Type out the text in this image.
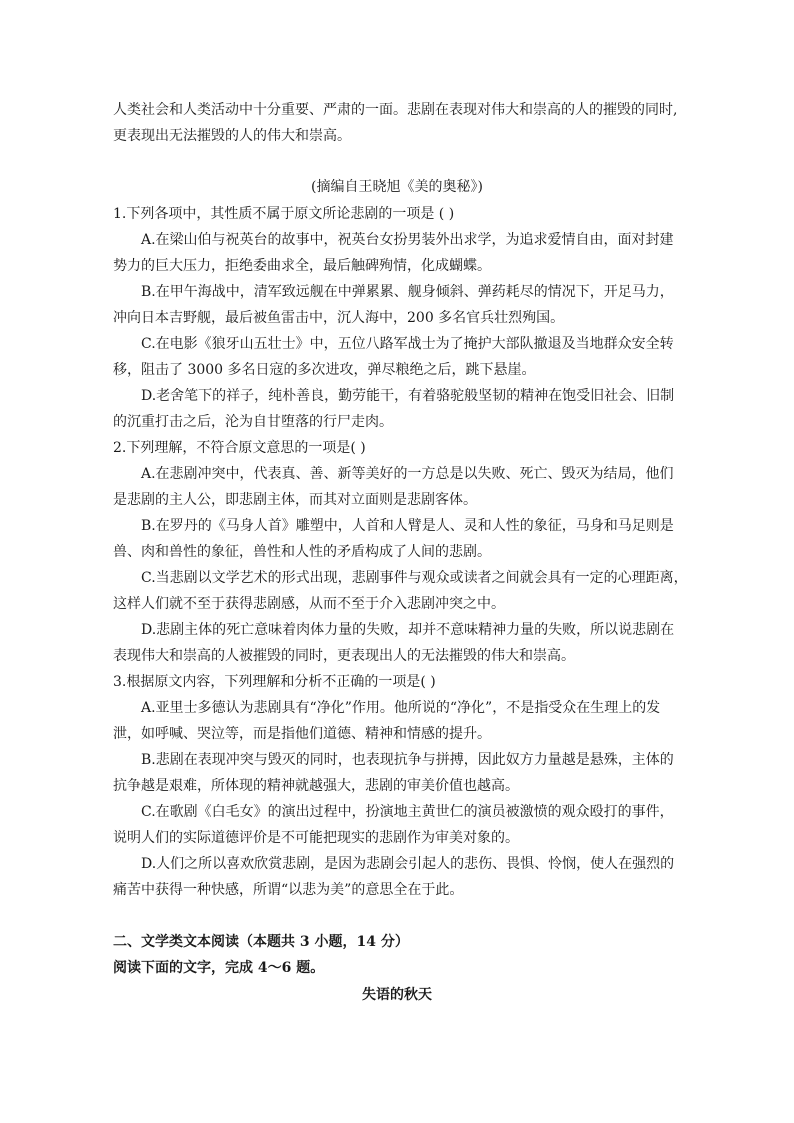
人类社会和人类活动中十分重要、严肃的一面。悲剧在表现对伟大和崇高的人的摧毁的同时,
更表现出无法摧毁的人的伟大和崇高。
(摘编自王晓旭《美的奥秘》)
1.下列各项中，其性质不属于原文所论悲剧的一项是 ( )
A.在梁山伯与祝英台的故事中，祝英台女扮男装外出求学，为追求爱情自由，面对封建
势力的巨大压力，拒绝委曲求全，最后触碑殉情，化成蝴蝶。
B.在甲午海战中，清军致远舰在中弹累累、舰身倾斜、弹药耗尽的情况下，开足马力，
冲向日本吉野舰，最后被鱼雷击中，沉人海中，200 多名官兵壮烈殉国。
C.在电影《狼牙山五壮士》中，五位八路军战士为了掩护大部队撤退及当地群众安全转
移，阻击了 3000 多名日寇的多次进攻，弹尽粮绝之后，跳下悬崖。
D.老舍笔下的祥子，纯朴善良，勤劳能干，有着骆驼般坚韧的精神在饱受旧社会、旧制
的沉重打击之后，沦为自甘堕落的行尸走肉。
2.下列理解，不符合原文意思的一项是( )
A.在悲剧冲突中，代表真、善、新等美好的一方总是以失败、死亡、毁灭为结局，他们
是悲剧的主人公，即悲剧主体，而其对立面则是悲剧客体。
B.在罗丹的《马身人首》雕塑中，人首和人臂是人、灵和人性的象征，马身和马足则是
兽、肉和兽性的象征，兽性和人性的矛盾构成了人间的悲剧。
C.当悲剧以文学艺术的形式出现，悲剧事件与观众或读者之间就会具有一定的心理距离，
这样人们就不至于获得悲剧感，从而不至于介入悲剧冲突之中。
D.悲剧主体的死亡意味着肉体力量的失败，却并不意味精神力量的失败，所以说悲剧在
表现伟大和崇高的人被摧毁的同时，更表现出人的无法摧毁的伟大和崇高。
3.根据原文内容，下列理解和分析不正确的一项是( )
A.亚里士多德认为悲剧具有“净化”作用。他所说的“净化”，不是指受众在生理上的发
泄，如呼喊、哭泣等，而是指他们道德、精神和情感的提升。
B.悲剧在表现冲突与毁灭的同时，也表现抗争与拼搏，因此奴方力量越是悬殊，主体的
抗争越是艰难，所体现的精神就越强大，悲剧的审美价值也越高。
C.在歌剧《白毛女》的演出过程中，扮演地主黄世仁的演员被激愤的观众殴打的事件，
说明人们的实际道德评价是不可能把现实的悲剧作为审美对象的。
D.人们之所以喜欢欣赏悲剧，是因为悲剧会引起人的悲伤、畏惧、怜悯，使人在强烈的
痛苦中获得一种快感，所谓“以悲为美”的意思全在于此。
二、文学类文本阅读（本题共 3 小题，14 分）
阅读下面的文字，完成 4～6 题。
失语的秋天
